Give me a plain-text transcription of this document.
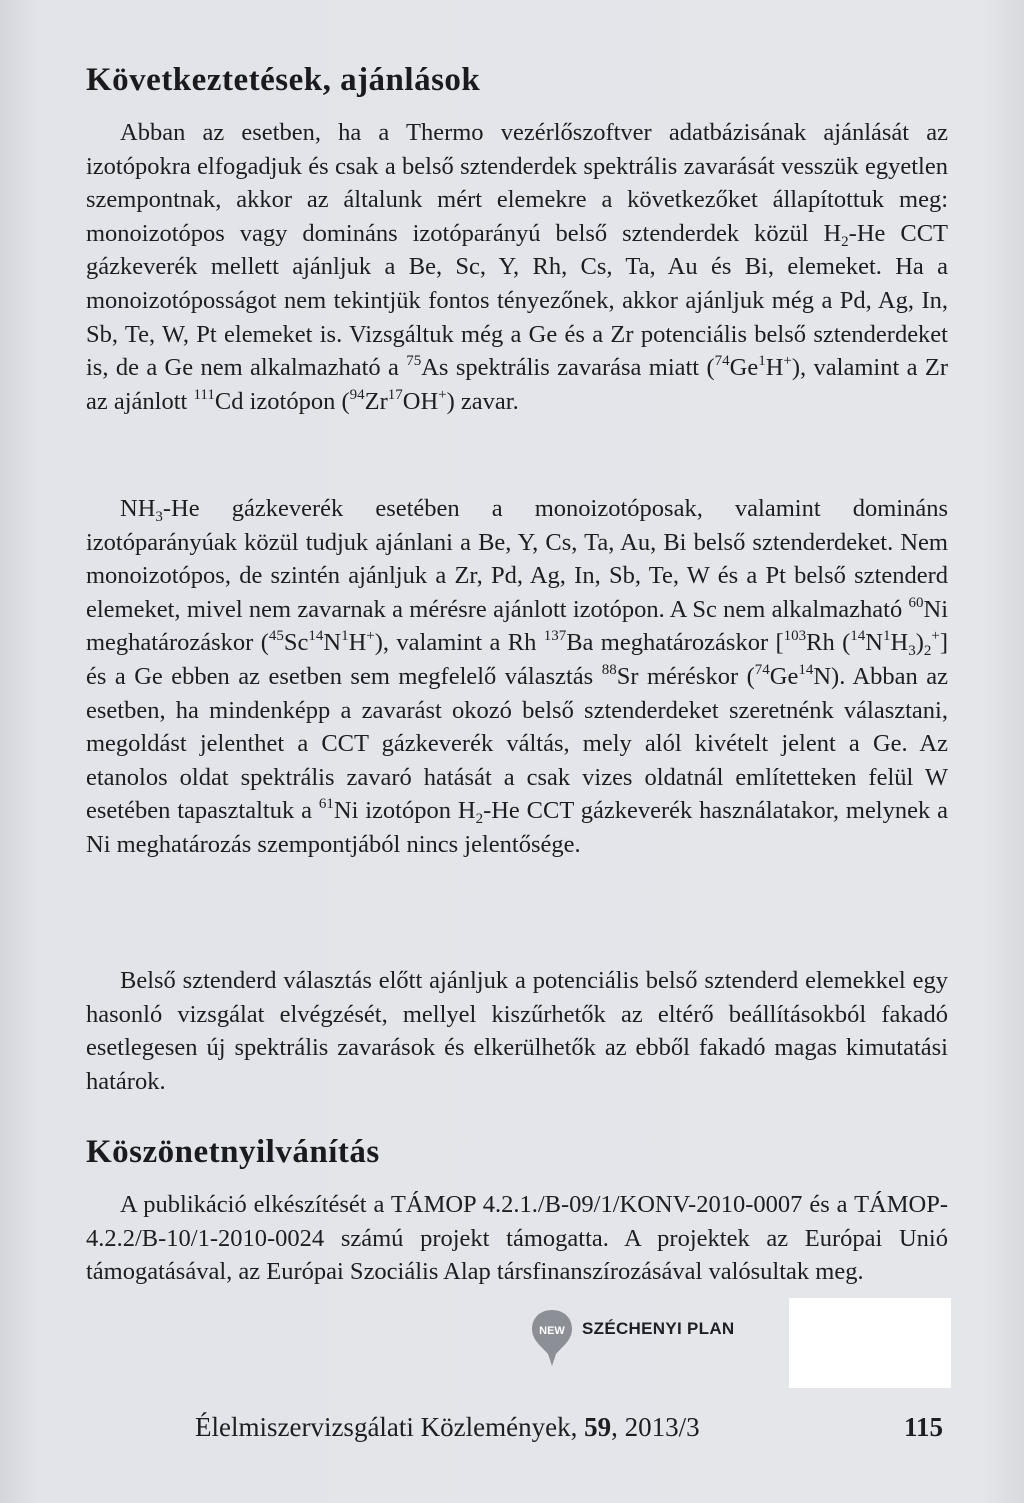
Következtetések, ajánlások

Abban az esetben, ha a Thermo vezérlőszoftver adatbázisának ajánlását az izotópokra elfogadjuk és csak a belső sztenderdek spektrális zavarását vesszük egyetlen szempontnak, akkor az általunk mért elemekre a következőket állapítottuk meg: monoizotópos vagy domináns izotóparányú belső sztenderdek közül $H_2-He$ CCT gázkeverék mellett ajánljuk a Be, Sc, Y, Rh, Cs, Ta, Au és Bi, elemeket. Ha a monoizotóposságot nem tekintjük fontos tényezőnek, akkor ajánljuk még a Pd, Ag, In, Sb, Te, W, Pt elemeket is. Vizsgáltuk még a Ge és a Zr potenciális belső sztenderdeket is, de a Ge nem alkalmazható a $^{75}$As spektrális zavarása miatt ($^{74}$Ge$^1$H+), valamint a Zr az ajánlott $^{111}$Cd izotópon ($^{94}$Zr$^{17}$OH+) zavar.

$NH_3-He$ gázkeverék esetében a monoizotóposak, valamint domináns izotóparányúak közül tudjuk ajánlani a Be, Y, Cs, Ta, Au, Bi belső sztenderdeket. Nem monoizotópos, de szintén ajánljuk a Zr, Pd, Ag, In, Sb, Te, W és a Pt belső sztenderd elemeket, mivel nem zavarnak a mérésre ajánlott izotópon. A Sc nem alkalmazható $^{60}$Ni meghatározáskor $(^{45}Sc^{14}N^1H^+)$, valamint a Rh $^{137}$Ba meghatározáskor [$^{103}$Rh $(^{14}N^1H_3)_2^+$] és a Ge ebben az esetben sem megfelelő választás $^{88}$Sr méréskor ($^{74}$Ge$^{14}$N). Abban az esetben, ha mindenképp a zavarást okozó belső sztenderdeket szeretnénk választani, megoldást jelenthet a CCT gázkeverék váltás, mely alól kivételt jelent a Ge. Az etanolos oldat spektrális zavaró hatását a csak vizes oldatnál említetteken felül W esetében tapasztaltuk a $^{61}$Ni izotópon $H_2-He$ CCT gázkeverék használatakor, melynek a Ni meghatározás szempontjából nincs jelentősége.

Belső sztenderd választás előtt ajánljuk a potenciális belső sztenderd elemekkel egy hasonló vizsgálat elvégzését, mellyel kiszűrhetők az eltérő beállításokból fakadó esetlegesen új spektrális zavarások és elkerülhetők az ebből fakadó magas kimutatási határok.

Köszönetnyilvánítás

A publikáció elkészítését a TÁMOP 4.2.1./B-09/1/KONV-2010-0007 és a TÁMOP-4.2.2/B-10/1-2010-0024 számú projekt támogatta. A projektek az Európai Unió támogatásával, az Európai Szociális Alap társfinanszírozásával valósultak meg.

NEW SZÉCHENYI PLAN
Élelmiszervizsgálati Közlemények, 59, 2013/3	115
